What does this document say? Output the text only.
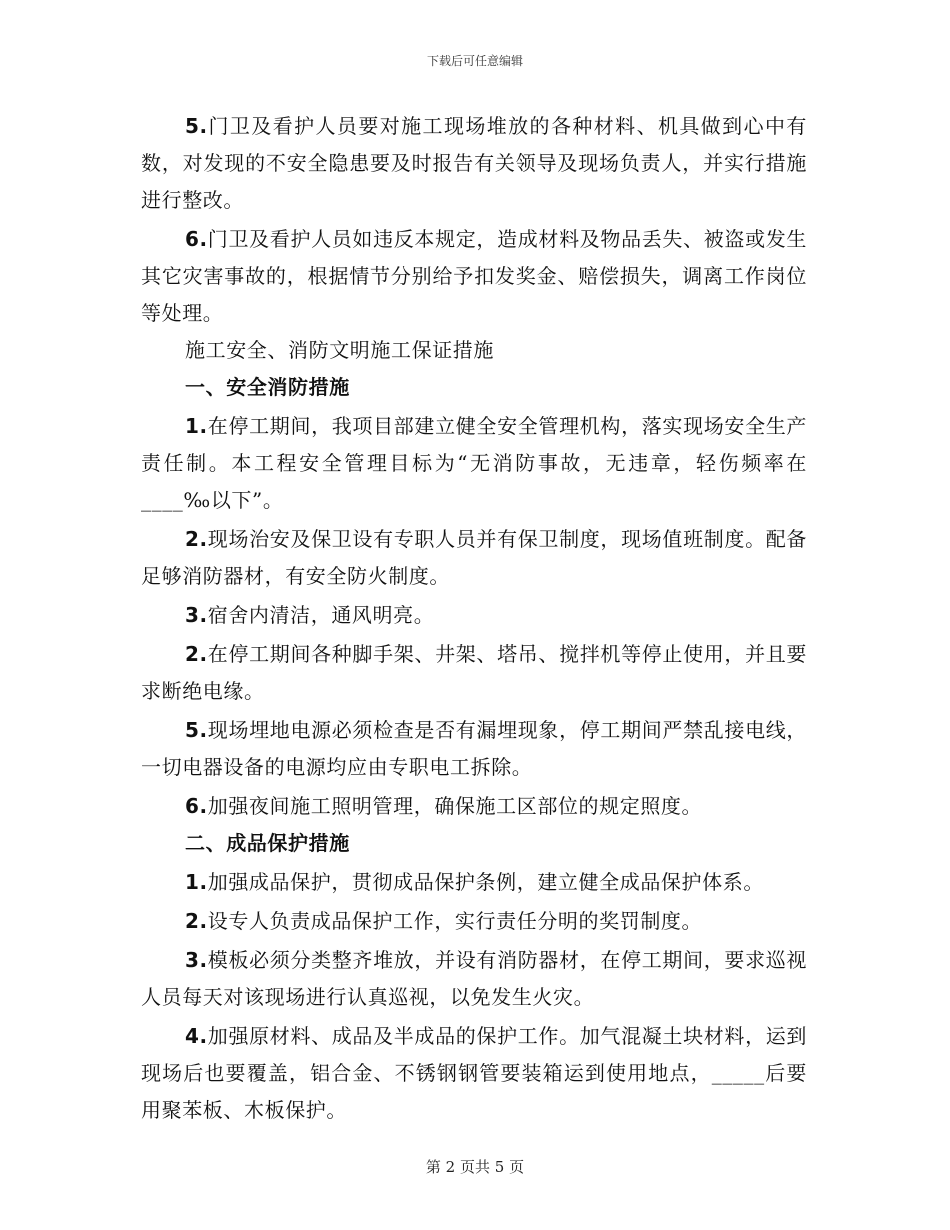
下载后可任意编辑

5.门卫及看护人员要对施工现场堆放的各种材料、机具做到心中有数，对发现的不安全隐患要及时报告有关领导及现场负责人，并实行措施进行整改。

6.门卫及看护人员如违反本规定，造成材料及物品丢失、被盗或发生其它灾害事故的，根据情节分别给予扣发奖金、赔偿损失，调离工作岗位等处理。

施工安全、消防文明施工保证措施

一、安全消防措施

1.在停工期间，我项目部建立健全安全管理机构，落实现场安全生产责任制。本工程安全管理目标为“无消防事故，无违章，轻伤频率在____‰以下”。

2.现场治安及保卫设有专职人员并有保卫制度，现场值班制度。配备足够消防器材，有安全防火制度。

3.宿舍内清洁，通风明亮。

2.在停工期间各种脚手架、井架、塔吊、搅拌机等停止使用，并且要求断绝电缘。

5.现场埋地电源必须检查是否有漏埋现象，停工期间严禁乱接电线，一切电器设备的电源均应由专职电工拆除。

6.加强夜间施工照明管理，确保施工区部位的规定照度。

二、成品保护措施

1.加强成品保护，贯彻成品保护条例，建立健全成品保护体系。

2.设专人负责成品保护工作，实行责任分明的奖罚制度。

3.模板必须分类整齐堆放，并设有消防器材，在停工期间，要求巡视人员每天对该现场进行认真巡视，以免发生火灾。

4.加强原材料、成品及半成品的保护工作。加气混凝土块材料，运到现场后也要覆盖，铝合金、不锈钢钢管要装箱运到使用地点，_____后要用聚苯板、木板保护。

第 2 页共 5 页
